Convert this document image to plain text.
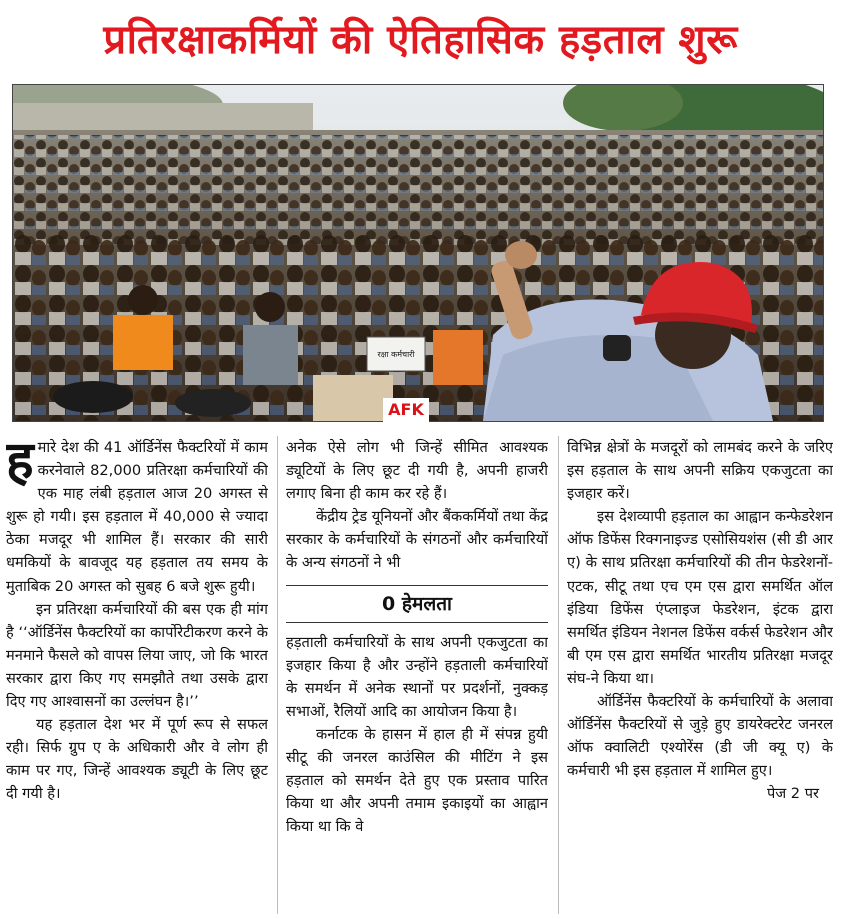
प्रतिरक्षाकर्मियों की ऐतिहासिक हड़ताल शुरू
रक्षा कर्मचारी
AFK

हमारे देश की 41 ऑर्डिनेंस फैक्टरियों में काम करनेवाले 82,000 प्रतिरक्षा कर्मचारियों की एक माह लंबी हड़ताल आज 20 अगस्त से शुरू हो गयी। इस हड़ताल में 40,000 से ज्यादा ठेका मजदूर भी शामिल हैं। सरकार की सारी धमकियों के बावजूद यह हड़ताल तय समय के मुताबिक 20 अगस्त को सुबह 6 बजे शुरू हुयी।

इन प्रतिरक्षा कर्मचारियों की बस एक ही मांग है ‘‘ऑर्डिनेंस फैक्टरियों का कार्पोरेटीकरण करने के मनमाने फैसले को वापस लिया जाए, जो कि भारत सरकार द्वारा किए गए समझौते तथा उसके द्वारा दिए गए आश्वासनों का उल्लंघन है।’’

यह हड़ताल देश भर में पूर्ण रूप से सफल रही। सिर्फ ग्रुप ए के अधिकारी और वे लोग ही काम पर गए, जिन्हें आवश्यक ड्यूटी के लिए छूट दी गयी है।

अनेक ऐसे लोग भी जिन्हें सीमित आवश्यक ड्यूटियों के लिए छूट दी गयी है, अपनी हाजरी लगाए बिना ही काम कर रहे हैं।

केंद्रीय ट्रेड यूनियनों और बैंककर्मियों तथा केंद्र सरकार के कर्मचारियों के संगठनों और कर्मचारियों के अन्य संगठनों ने भी

0 हेमलता

हड़ताली कर्मचारियों के साथ अपनी एकजुटता का इजहार किया है और उन्होंने हड़ताली कर्मचारियों के समर्थन में अनेक स्थानों पर प्रदर्शनों, नुक्कड़ सभाओं, रैलियों आदि का आयोजन किया है।

कर्नाटक के हासन में हाल ही में संपन्न हुयी सीटू की जनरल काउंसिल की मीटिंग ने इस हड़ताल को समर्थन देते हुए एक प्रस्ताव पारित किया था और अपनी तमाम इकाइयों का आह्वान किया था कि वे

विभिन्न क्षेत्रों के मजदूरों को लामबंद करने के जरिए इस हड़ताल के साथ अपनी सक्रिय एकजुटता का इजहार करें।

इस देशव्यापी हड़ताल का आह्वान कन्फेडरेशन ऑफ डिफेंस रिक्गनाइज्ड एसोसियशंस (सी डी आर ए) के साथ प्रतिरक्षा कर्मचारियों की तीन फेडरेशनों- एटक, सीटू तथा एच एम एस द्वारा समर्थित ऑल इंडिया डिफेंस एंप्लाइज फेडरेशन, इंटक द्वारा समर्थित इंडियन नेशनल डिफेंस वर्कर्स फेडरेशन और बी एम एस द्वारा समर्थित भारतीय प्रतिरक्षा मजदूर संघ-ने किया था।

ऑर्डिनेंस फैक्टरियों के कर्मचारियों के अलावा ऑर्डिनेंस फैक्टरियों से जुड़े हुए डायरेक्टरेट जनरल ऑफ क्वालिटी एश्योरेंस (डी जी क्यू ए) के कर्मचारी भी इस हड़ताल में शामिल हुए।

पेज 2 पर
